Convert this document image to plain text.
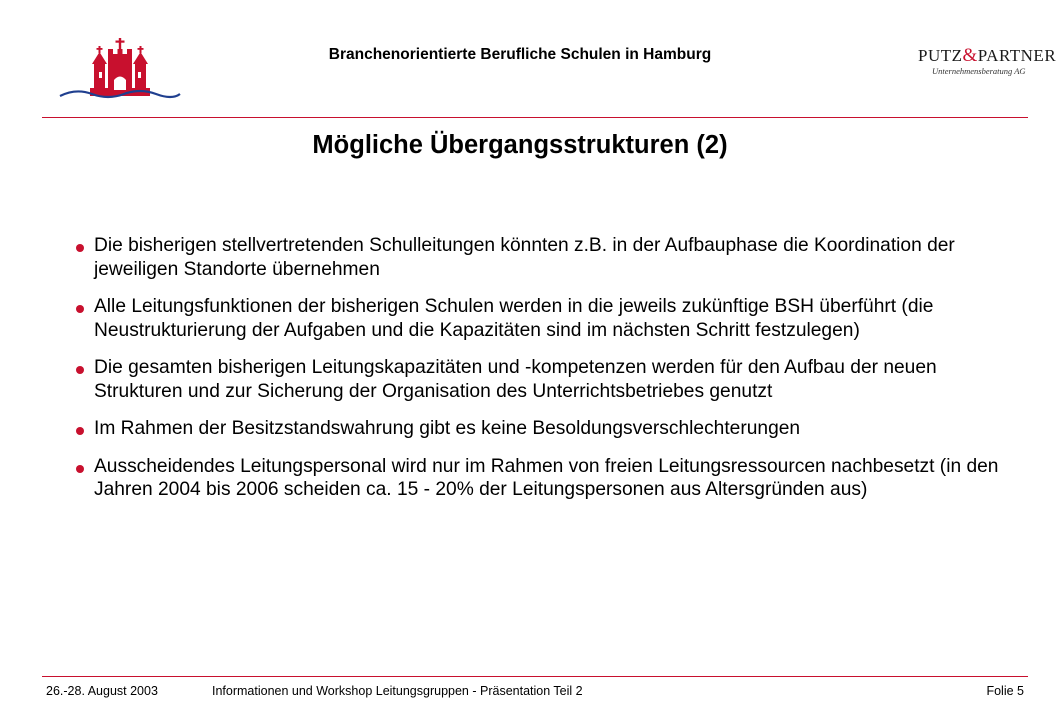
Branchenorientierte Berufliche Schulen in Hamburg	PUTZ&PARTNER
Unternehmensberatung AG
Mögliche Übergangsstrukturen (2)
Die bisherigen stellvertretenden Schulleitungen könnten z.B. in der Aufbauphase die Koordination der jeweiligen Standorte übernehmen
Alle Leitungsfunktionen der bisherigen Schulen werden in die jeweils zukünftige BSH überführt (die Neustrukturierung der Aufgaben und die Kapazitäten sind im nächsten Schritt festzulegen)
Die gesamten bisherigen Leitungskapazitäten und -kompetenzen werden für den Aufbau der neuen Strukturen und zur Sicherung der Organisation des Unterrichtsbetriebes genutzt
Im Rahmen der Besitzstandswahrung gibt es keine Besoldungsverschlechterungen
Ausscheidendes Leitungspersonal wird nur im Rahmen von freien Leitungsressourcen nachbesetzt (in den Jahren 2004 bis 2006 scheiden ca. 15 - 20% der Leitungspersonen aus Altersgründen aus)
26.-28. August 2003	Informationen und Workshop Leitungsgruppen - Präsentation Teil 2	Folie 5
